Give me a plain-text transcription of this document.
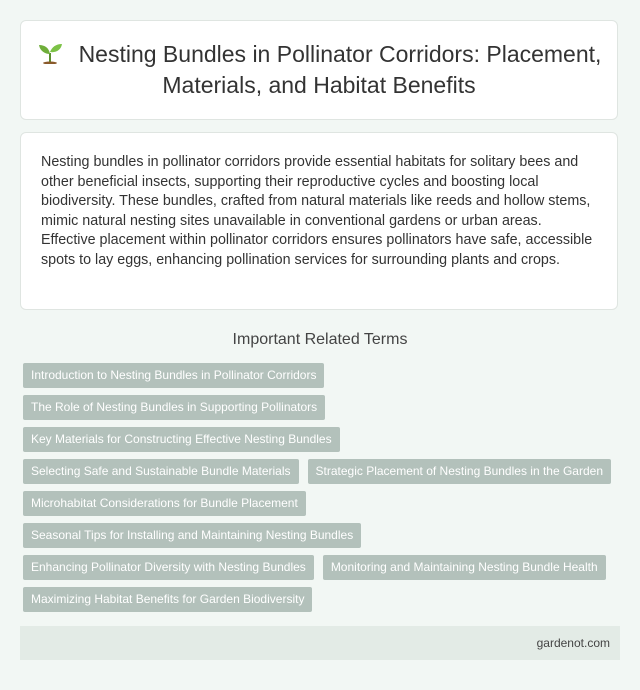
Nesting Bundles in Pollinator Corridors: Placement, Materials, and Habitat Benefits

Nesting bundles in pollinator corridors provide essential habitats for solitary bees and other beneficial insects, supporting their reproductive cycles and boosting local biodiversity. These bundles, crafted from natural materials like reeds and hollow stems, mimic natural nesting sites unavailable in conventional gardens or urban areas. Effective placement within pollinator corridors ensures pollinators have safe, accessible spots to lay eggs, enhancing pollination services for surrounding plants and crops.

Important Related Terms
Introduction to Nesting Bundles in Pollinator Corridors
The Role of Nesting Bundles in Supporting Pollinators
Key Materials for Constructing Effective Nesting Bundles
Selecting Safe and Sustainable Bundle Materials	Strategic Placement of Nesting Bundles in the Garden
Microhabitat Considerations for Bundle Placement
Seasonal Tips for Installing and Maintaining Nesting Bundles
Enhancing Pollinator Diversity with Nesting Bundles	Monitoring and Maintaining Nesting Bundle Health
Maximizing Habitat Benefits for Garden Biodiversity
gardenot.com
